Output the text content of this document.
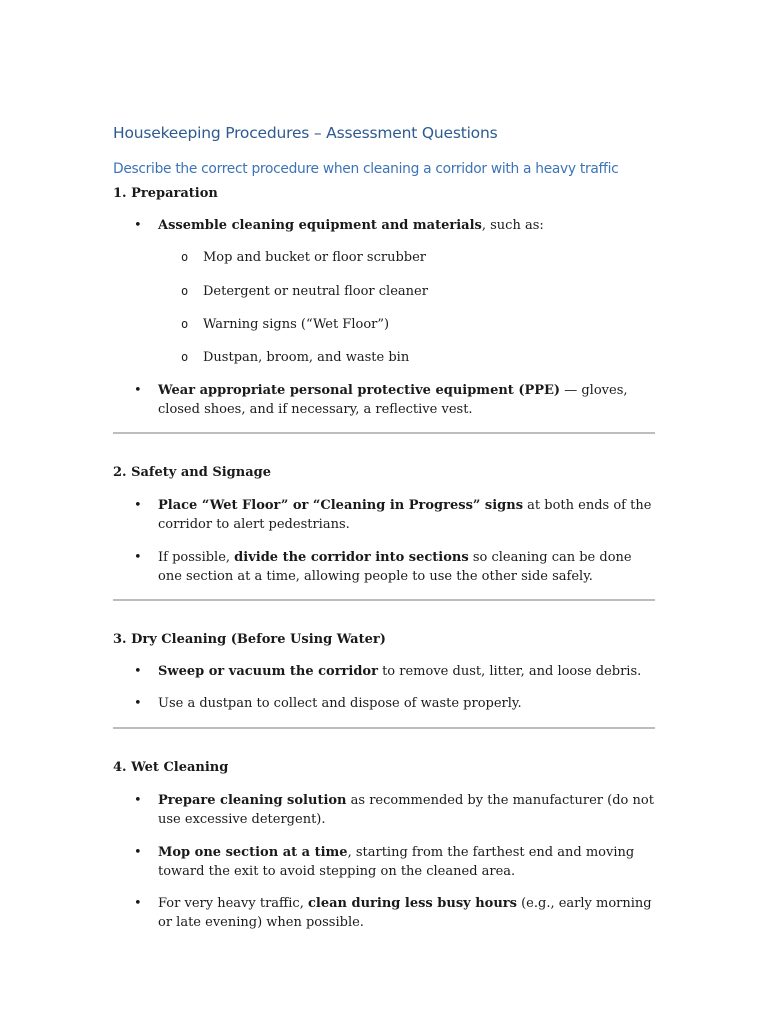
Housekeeping Procedures – Assessment Questions
Describe the correct procedure when cleaning a corridor with a heavy traffic

1. Preparation

• Assemble cleaning equipment and materials, such as:

o Mop and bucket or floor scrubber

o Detergent or neutral floor cleaner

o Warning signs (“Wet Floor”)

o Dustpan, broom, and waste bin

• Wear appropriate personal protective equipment (PPE) — gloves, closed shoes, and if necessary, a reflective vest.

2. Safety and Signage

• Place “Wet Floor” or “Cleaning in Progress” signs at both ends of the corridor to alert pedestrians.

• If possible, divide the corridor into sections so cleaning can be done one section at a time, allowing people to use the other side safely.

3. Dry Cleaning (Before Using Water)

• Sweep or vacuum the corridor to remove dust, litter, and loose debris.

• Use a dustpan to collect and dispose of waste properly.

4. Wet Cleaning

• Prepare cleaning solution as recommended by the manufacturer (do not use excessive detergent).

• Mop one section at a time, starting from the farthest end and moving toward the exit to avoid stepping on the cleaned area.

• For very heavy traffic, clean during less busy hours (e.g., early morning or late evening) when possible.
